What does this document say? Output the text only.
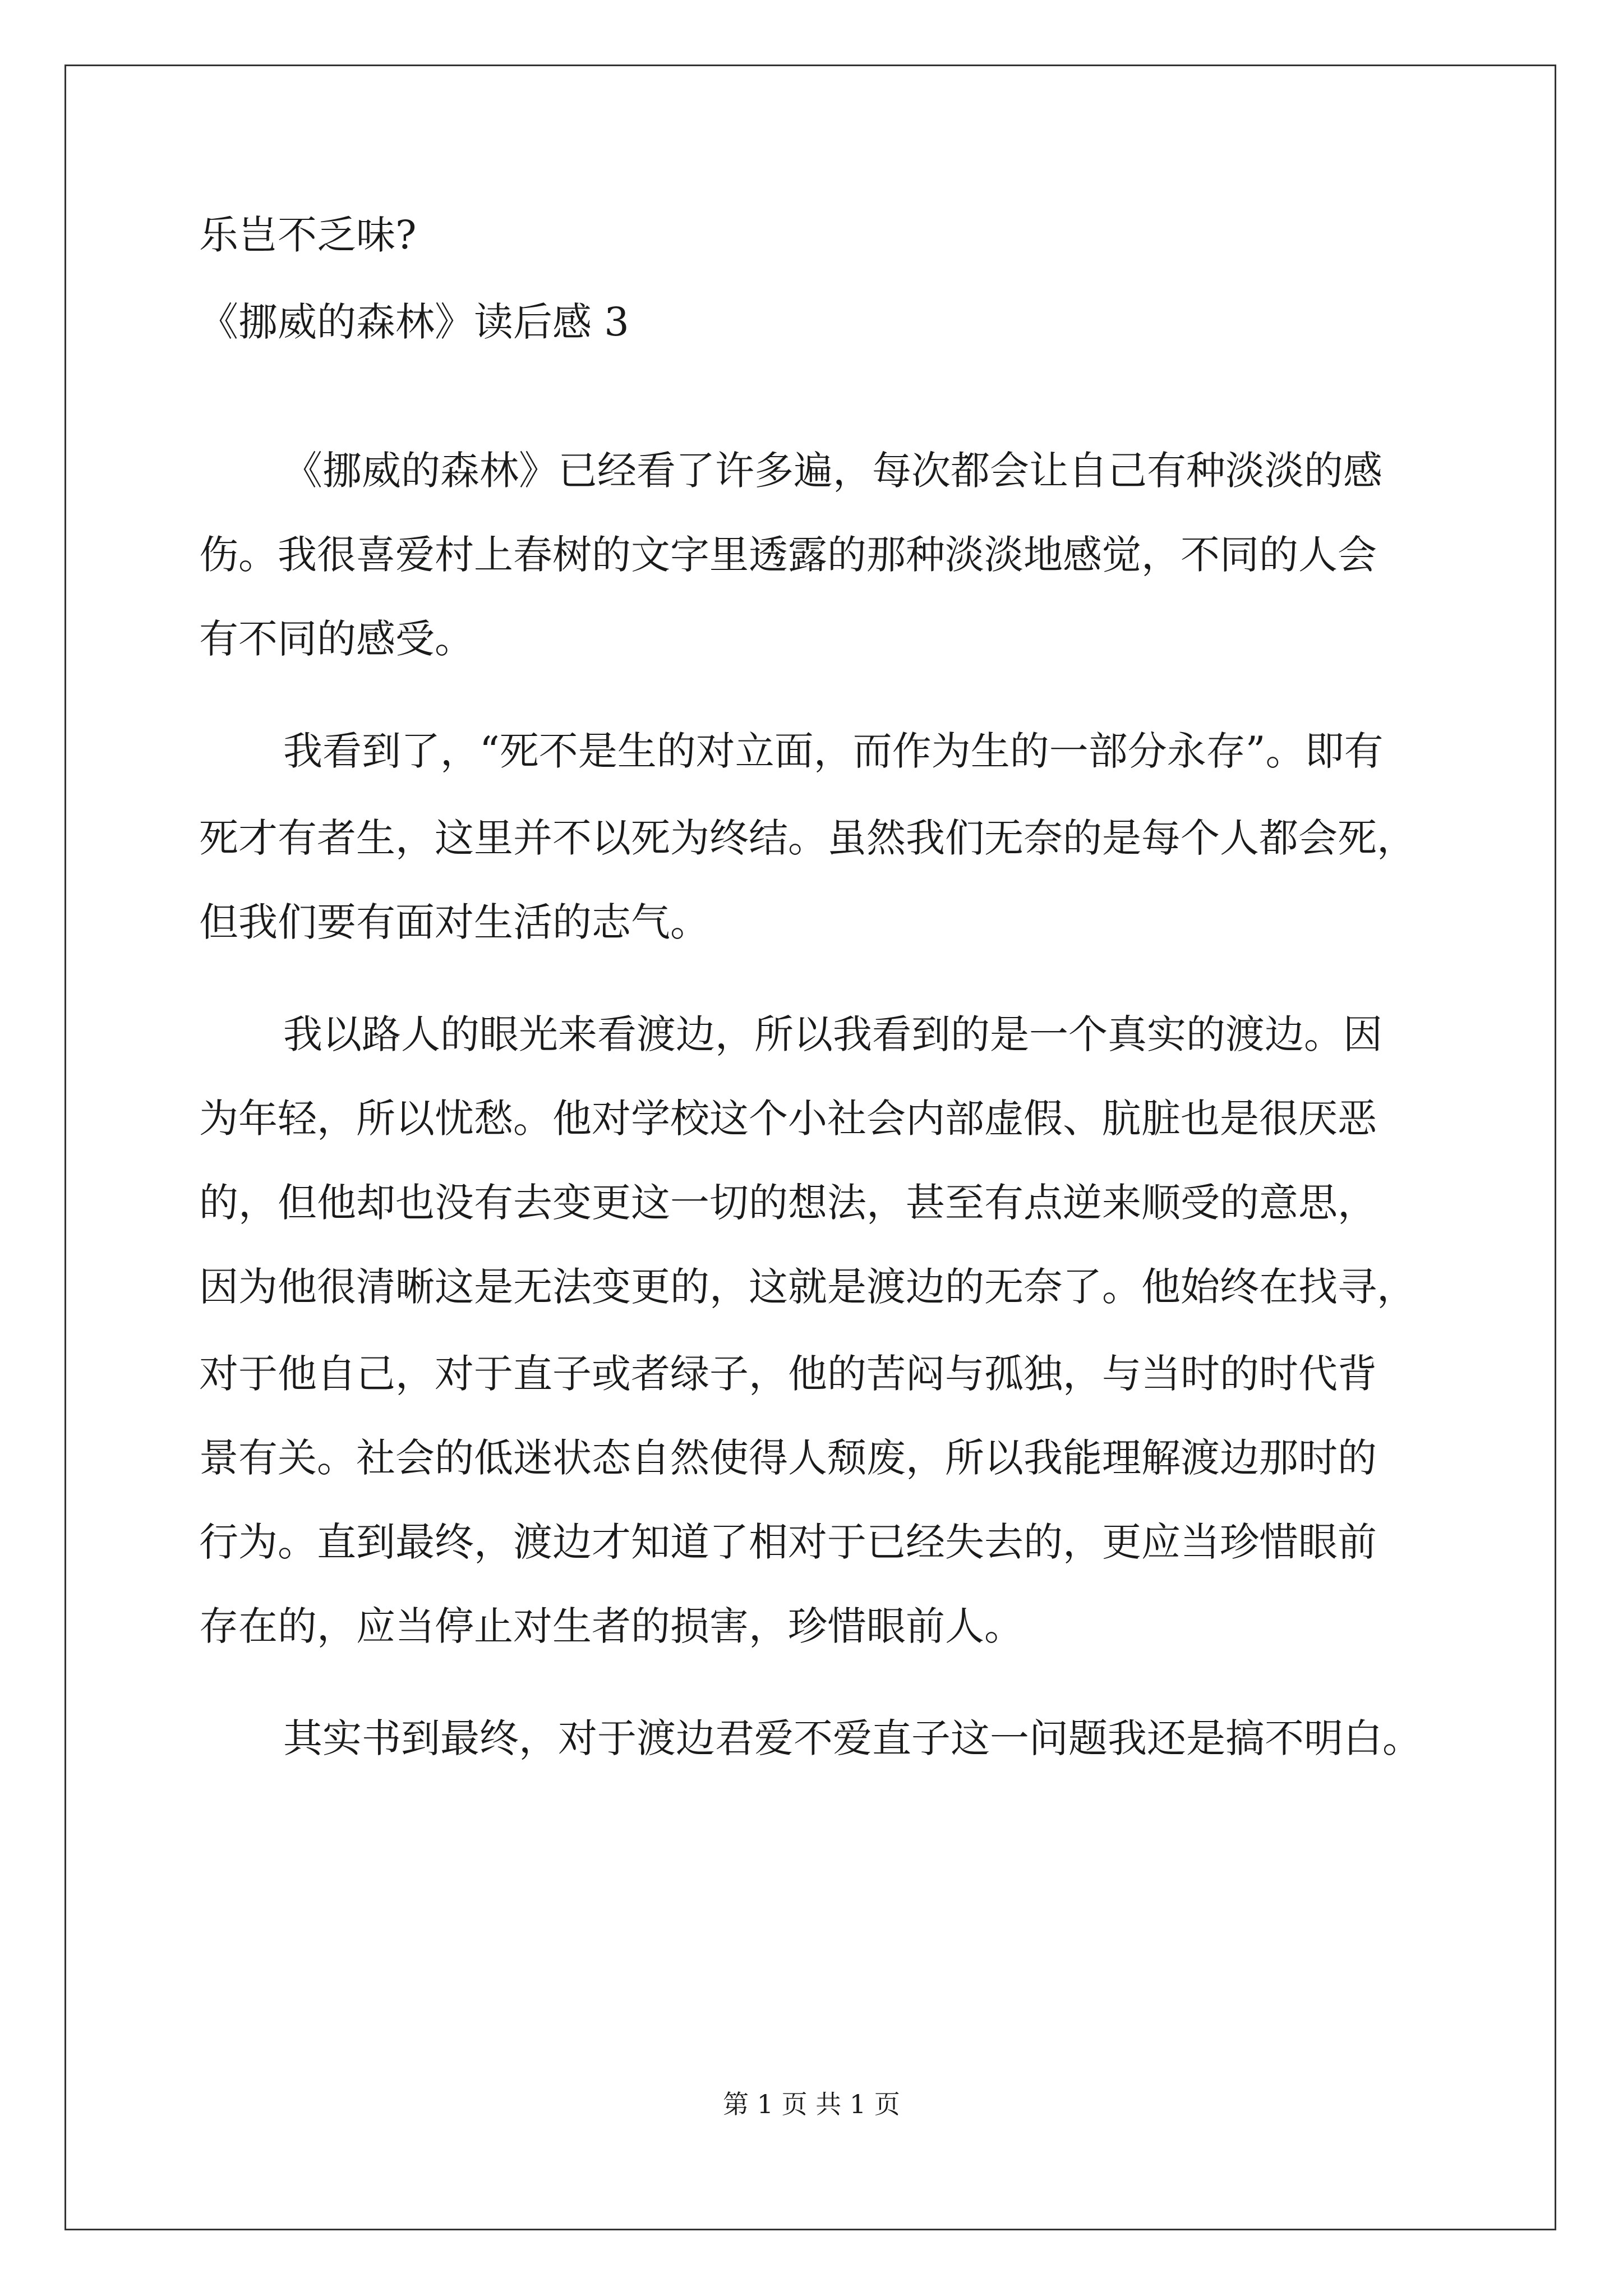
乐岂不乏味?

《挪威的森林》读后感 3

《挪威的森林》已经看了许多遍，每次都会让自己有种淡淡的感

伤。我很喜爱村上春树的文字里透露的那种淡淡地感觉，不同的人会

有不同的感受。

我看到了，“死不是生的对立面，而作为生的一部分永存”。即有

死才有者生，这里并不以死为终结。虽然我们无奈的是每个人都会死，

但我们要有面对生活的志气。

我以路人的眼光来看渡边，所以我看到的是一个真实的渡边。因

为年轻，所以忧愁。他对学校这个小社会内部虚假、肮脏也是很厌恶

的，但他却也没有去变更这一切的想法，甚至有点逆来顺受的意思，

因为他很清晰这是无法变更的，这就是渡边的无奈了。他始终在找寻，

对于他自己，对于直子或者绿子，他的苦闷与孤独，与当时的时代背

景有关。社会的低迷状态自然使得人颓废，所以我能理解渡边那时的

行为。直到最终，渡边才知道了相对于已经失去的，更应当珍惜眼前

存在的，应当停止对生者的损害，珍惜眼前人。

其实书到最终，对于渡边君爱不爱直子这一问题我还是搞不明白。

第 1 页 共 1 页
